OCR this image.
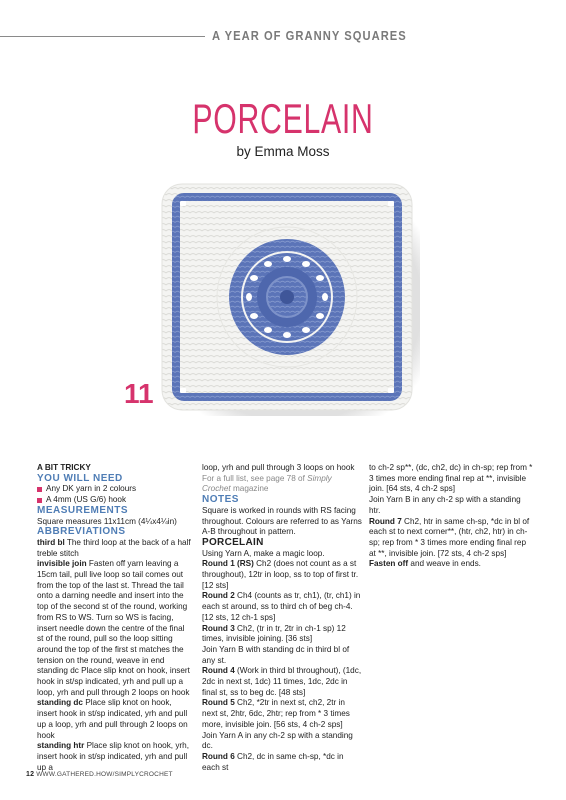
A YEAR OF GRANNY SQUARES
PORCELAIN
by Emma Moss
11

A BIT TRICKY

YOU WILL NEED

Any DK yarn in 2 colours

A 4mm (US G/6) hook

MEASUREMENTS

Square measures 11x11cm (4¼x4¼in)

ABBREVIATIONS

third bl The third loop at the back of a half treble stitch

invisible join Fasten off yarn leaving a 15cm tail, pull live loop so tail comes out from the top of the last st. Thread the tail onto a darning needle and insert into the top of the second st of the round, working from RS to WS. Turn so WS is facing, insert needle down the centre of the final st of the round, pull so the loop sitting around the top of the first st matches the tension on the round, weave in end

standing dc Place slip knot on hook, insert hook in st/sp indicated, yrh and pull up a loop, yrh and pull through 2 loops on hook

standing dc Place slip knot on hook, insert hook in st/sp indicated, yrh and pull up a loop, yrh and pull through 2 loops on hook

standing htr Place slip knot on hook, yrh, insert hook in st/sp indicated, yrh and pull up a

loop, yrh and pull through 3 loops on hook

For a full list, see page 78 of Simply Crochet magazine

NOTES

Square is worked in rounds with RS facing throughout. Colours are referred to as Yarns A-B throughout in pattern.

PORCELAIN

Using Yarn A, make a magic loop.

Round 1 (RS) Ch2 (does not count as a st throughout), 12tr in loop, ss to top of first tr. [12 sts]

Round 2 Ch4 (counts as tr, ch1), (tr, ch1) in each st around, ss to third ch of beg ch-4. [12 sts, 12 ch-1 sps]

Round 3 Ch2, (tr in tr, 2tr in ch-1 sp) 12 times, invisible joining. [36 sts]

Join Yarn B with standing dc in third bl of any st.

Round 4 (Work in third bl throughout), (1dc, 2dc in next st, 1dc) 11 times, 1dc, 2dc in final st, ss to beg dc. [48 sts]

Round 5 Ch2, *2tr in next st, ch2, 2tr in next st, 2htr, 6dc, 2htr; rep from * 3 times more, invisible join. [56 sts, 4 ch-2 sps]

Join Yarn A in any ch-2 sp with a standing dc.

Round 6 Ch2, dc in same ch-sp, *dc in each st

to ch-2 sp**, (dc, ch2, dc) in ch-sp; rep from * 3 times more ending final rep at **, invisible join. [64 sts, 4 ch-2 sps]

Join Yarn B in any ch-2 sp with a standing htr.

Round 7 Ch2, htr in same ch-sp, *dc in bl of each st to next corner**, (htr, ch2, htr) in ch-sp; rep from * 3 times more ending final rep at **, invisible join. [72 sts, 4 ch-2 sps]

Fasten off and weave in ends.

12 WWW.GATHERED.HOW/SIMPLYCROCHET
